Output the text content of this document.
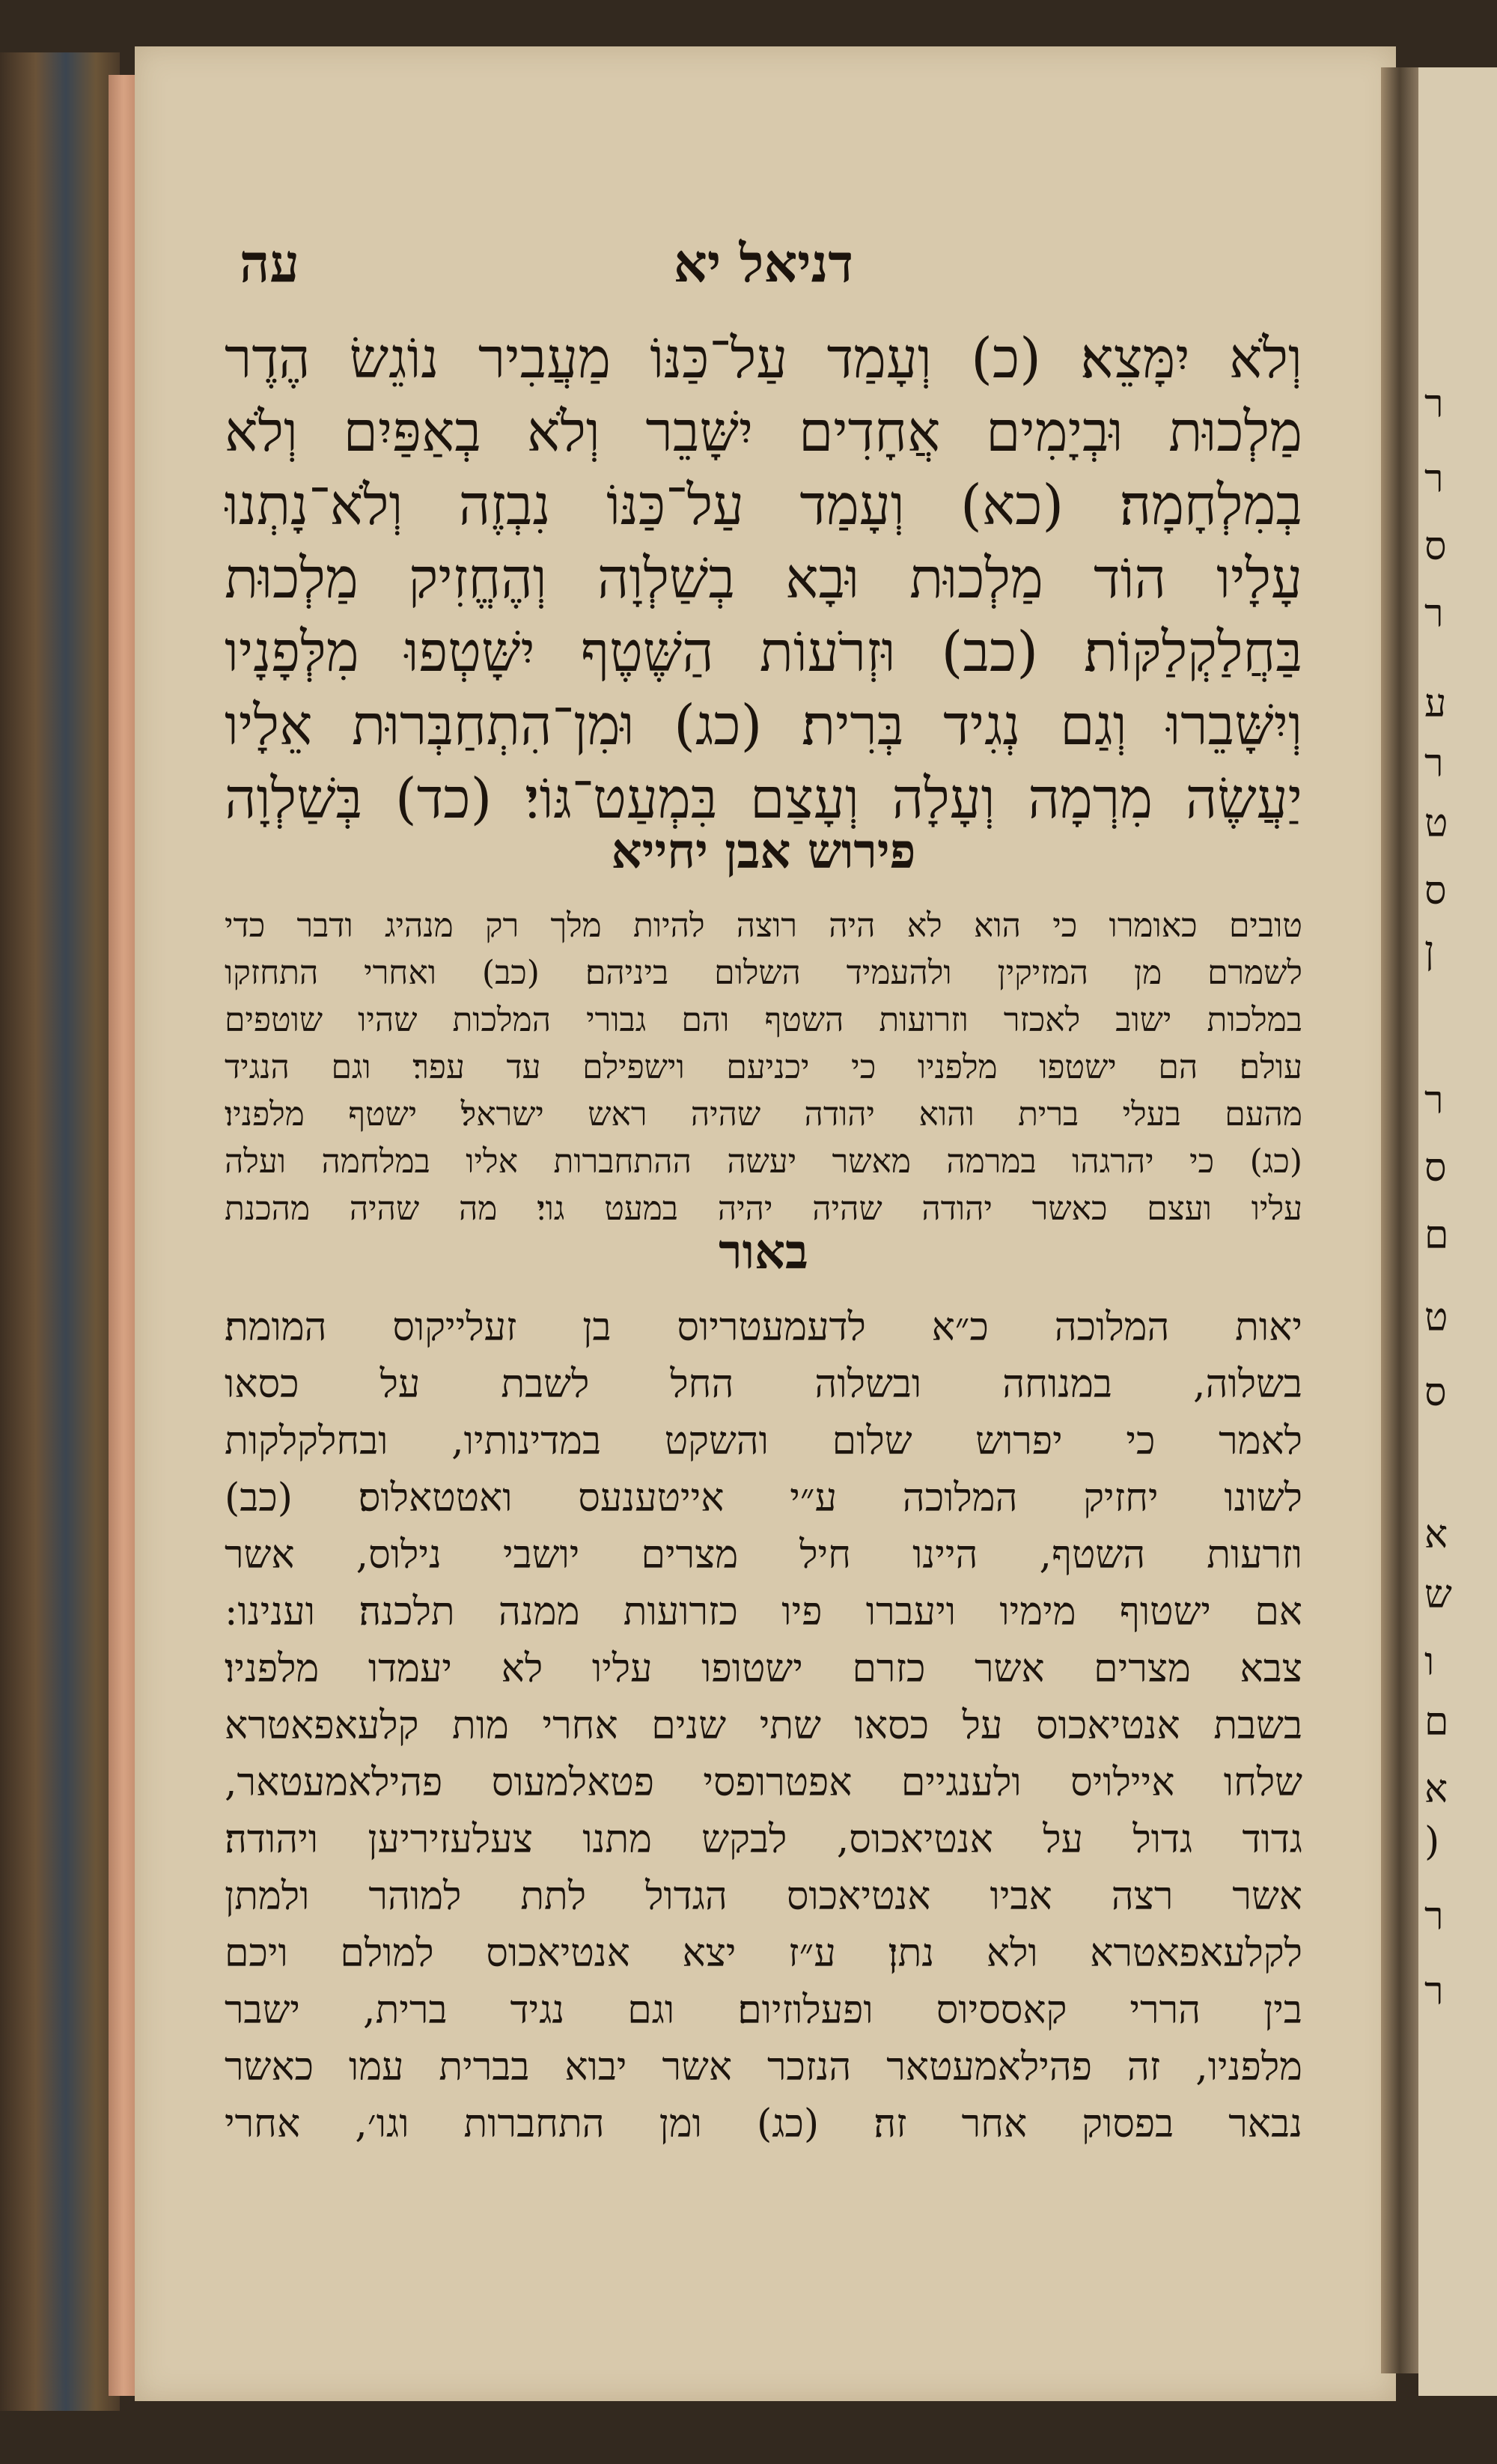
ר
ר
ס
ר
ע
ר
ט
ס
ן
ר
ס
ם
ט
ס
א
ש
ו
ם
א
(
ר
ר
דניאל יא
עה
וְלֹא יִמָּצֵא׃ (כ) וְעָמַד עַל־כַּנּוֹ מַעֲבִיר נוֹגֵשׂ הֶדֶר
מַלְכוּת וּבְיָמִים אֲחָדִים יִשָּׁבֵר וְלֹא בְאַפַּיִם וְלֹא
בְמִלְחָמָה׃ (כא) וְעָמַד עַל־כַּנּוֹ נִבְזֶה וְלֹא־נָתְנוּ
עָלָיו הוֹד מַלְכוּת וּבָא בְשַׁלְוָה וְהֶחֱזִיק מַלְכוּת
בַּחֲלַקְלַקּוֹת׃ (כב) וּזְרֹעוֹת הַשֶּׁטֶף יִשָּׁטְפוּ מִלְּפָנָיו
וְיִשָּׁבֵרוּ וְגַם נְגִיד בְּרִית׃ (כג) וּמִן־הִתְחַבְּרוּת אֵלָיו
יַעֲשֶׂה מִרְמָה וְעָלָה וְעָצַם בִּמְעַט־גּוֹי׃ (כד) בְּשַׁלְוָה
פירוש אבן יחייא
טובים כאומרו כי הוא לא היה רוצה להיות מלך רק מנהיג ודבר כדי
לשמרם מן המזיקין ולהעמיד השלום ביניהם׃ (כב) ואחרי התחזקו
במלכות ישוב לאכזר וזרועות השטף והם גבורי המלכות שהיו שוטפים
עולם׃ הם ישטפו מלפניו כי יכניעם וישפילם עד עפר׃ וגם הנגיד
מהעם בעלי ברית והוא יהודה שהיה ראש ישראל׃ ישטף מלפניו׃
(כג) כי יהרגהו במרמה מאשר יעשה ההתחברות אליו במלחמה ועלה
עליו ועצם כאשר יהודה שהיה יהיה במעט גוי׃ מה שהיה מהכנת
באור
יאות המלוכה כ״א לדעמעטריוס בן זעלייקוס המומת׃
בשלוה, במנוחה ובשלוה החל לשבת על כסאו
לאמר כי יפרוש שלום והשקט במדינותיו, ובחלקלקות
לשונו יחזיק המלוכה ע״י אייטענעס ואטטאלוס׃ (כב)
וזרעות השטף, היינו חיל מצרים יושבי נילוס, אשר
אם ישטוף מימיו ויעברו פיו כזרועות ממנה תלכנה׃ וענינו:
צבא מצרים אשר כזרם ישטופו עליו לא יעמדו מלפניו׃
בשבת אנטיאכוס על כסאו שתי שנים אחרי מות קלעאפאטרא
שלחו איילויס ולענגיים אפטרופסי פטאלמעוס פהילאמעטאר,
גדוד גדול על אנטיאכוס, לבקש מתנו צעלעזיריען ויהודה׃
אשר רצה אביו אנטיאכוס הגדול לתת למוהר ולמתן
לקלעאפאטרא ולא נתן׃ ע״ז יצא אנטיאכוס למולם ויכם
בין הררי קאססיוס ופעלוזיום׃ וגם נגיד ברית, ישבר
מלפניו, זה פהילאמעטאר הנזכר אשר יבוא בברית עמו כאשר
נבאר בפסוק אחר זה׃ (כג) ומן התחברות וגו׳, אחרי
